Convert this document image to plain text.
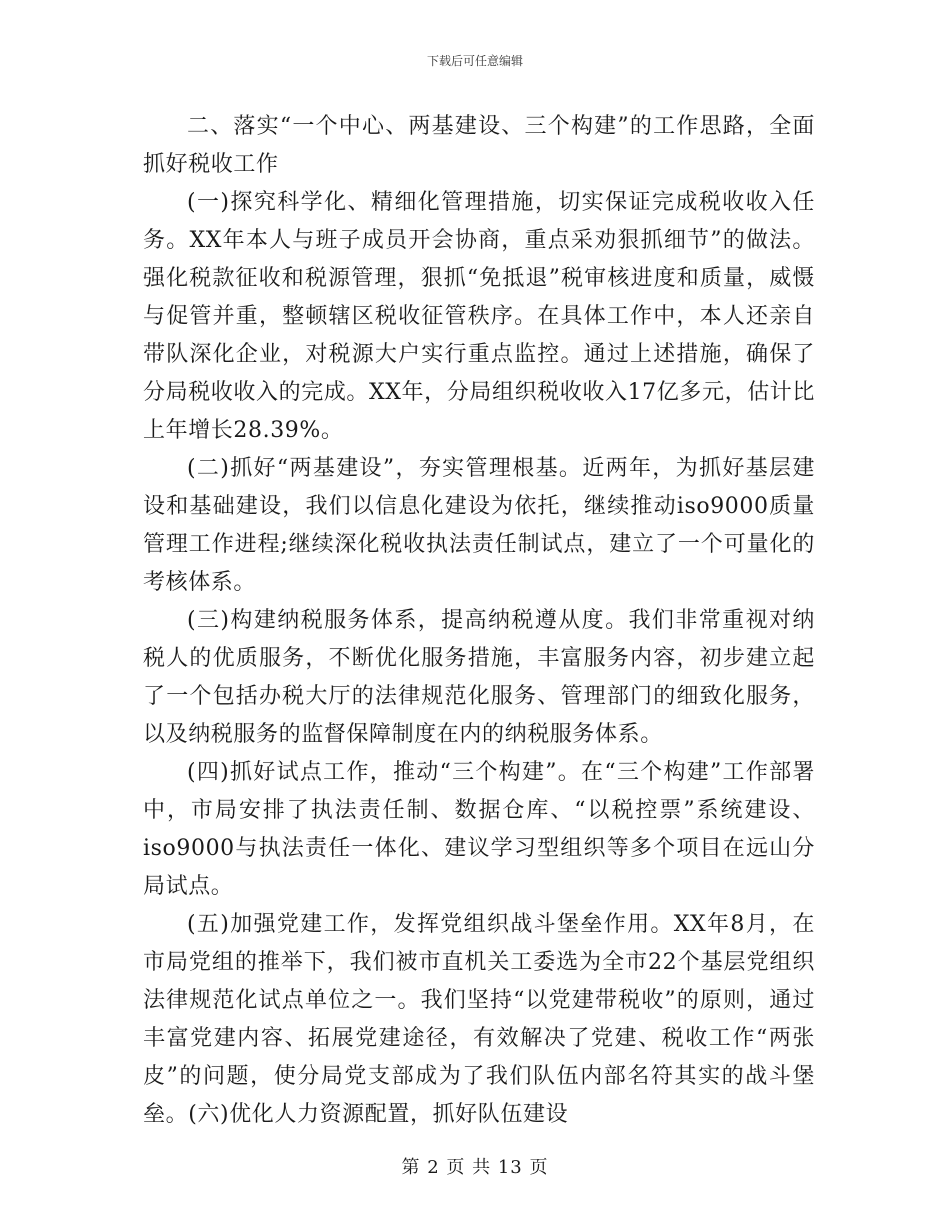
下载后可任意编辑

二、落实“一个中心、两基建设、三个构建”的工作思路，全面抓好税收工作

(一)探究科学化、精细化管理措施，切实保证完成税收收入任务。XX年本人与班子成员开会协商，重点采劝狠抓细节”的做法。强化税款征收和税源管理，狠抓“免抵退”税审核进度和质量，威慑与促管并重，整顿辖区税收征管秩序。在具体工作中，本人还亲自带队深化企业，对税源大户实行重点监控。通过上述措施，确保了分局税收收入的完成。XX年，分局组织税收收入17亿多元，估计比上年增长28.39%。

(二)抓好“两基建设”，夯实管理根基。近两年，为抓好基层建设和基础建设，我们以信息化建设为依托，继续推动iso9000质量管理工作进程;继续深化税收执法责任制试点，建立了一个可量化的考核体系。

(三)构建纳税服务体系，提高纳税遵从度。我们非常重视对纳税人的优质服务，不断优化服务措施，丰富服务内容，初步建立起了一个包括办税大厅的法律规范化服务、管理部门的细致化服务，以及纳税服务的监督保障制度在内的纳税服务体系。

(四)抓好试点工作，推动“三个构建”。在“三个构建”工作部署中，市局安排了执法责任制、数据仓库、“以税控票”系统建设、iso9000与执法责任一体化、建议学习型组织等多个项目在远山分局试点。

(五)加强党建工作，发挥党组织战斗堡垒作用。XX年8月，在市局党组的推举下，我们被市直机关工委选为全市22个基层党组织法律规范化试点单位之一。我们坚持“以党建带税收”的原则，通过丰富党建内容、拓展党建途径，有效解决了党建、税收工作“两张皮”的问题，使分局党支部成为了我们队伍内部名符其实的战斗堡垒。(六)优化人力资源配置，抓好队伍建设

第 2 页 共 13 页
